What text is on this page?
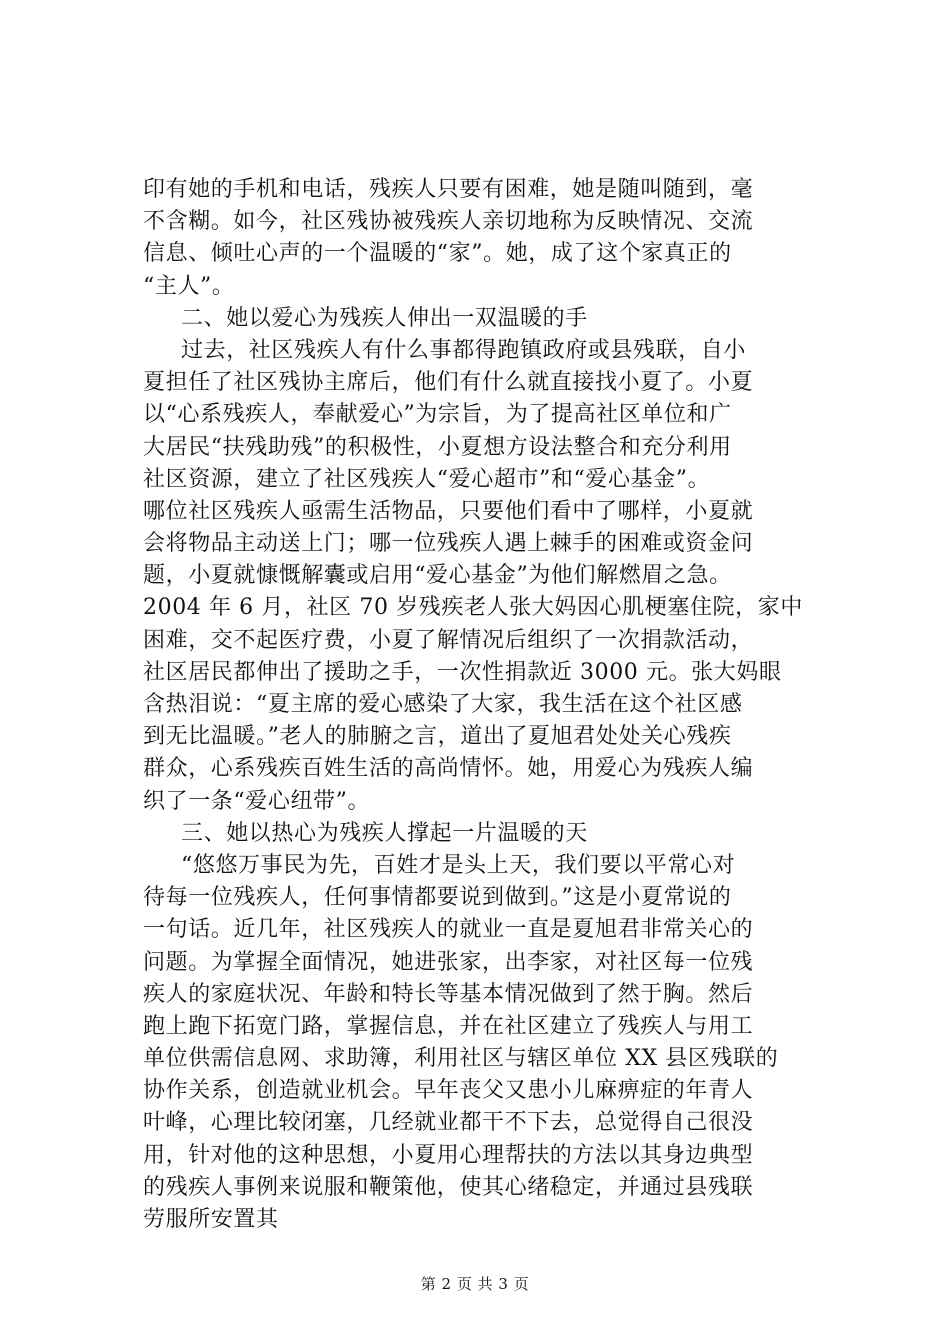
印有她的手机和电话，残疾人只要有困难，她是随叫随到，毫
不含糊。如今，社区残协被残疾人亲切地称为反映情况、交流
信息、倾吐心声的一个温暖的“家”。她，成了这个家真正的
“主人”。
二、她以爱心为残疾人伸出一双温暖的手
过去，社区残疾人有什么事都得跑镇政府或县残联，自小
夏担任了社区残协主席后，他们有什么就直接找小夏了。小夏
以“心系残疾人，奉献爱心”为宗旨，为了提高社区单位和广
大居民“扶残助残”的积极性，小夏想方设法整合和充分利用
社区资源，建立了社区残疾人“爱心超市”和“爱心基金”。
哪位社区残疾人亟需生活物品，只要他们看中了哪样，小夏就
会将物品主动送上门；哪一位残疾人遇上棘手的困难或资金问
题，小夏就慷慨解囊或启用“爱心基金”为他们解燃眉之急。
2004 年 6 月，社区 70 岁残疾老人张大妈因心肌梗塞住院，家中
困难，交不起医疗费，小夏了解情况后组织了一次捐款活动，
社区居民都伸出了援助之手，一次性捐款近 3000 元。张大妈眼
含热泪说：“夏主席的爱心感染了大家，我生活在这个社区感
到无比温暖。”老人的肺腑之言，道出了夏旭君处处关心残疾
群众，心系残疾百姓生活的高尚情怀。她，用爱心为残疾人编
织了一条“爱心纽带”。
三、她以热心为残疾人撑起一片温暖的天
“悠悠万事民为先，百姓才是头上天，我们要以平常心对
待每一位残疾人，任何事情都要说到做到。”这是小夏常说的
一句话。近几年，社区残疾人的就业一直是夏旭君非常关心的
问题。为掌握全面情况，她进张家，出李家，对社区每一位残
疾人的家庭状况、年龄和特长等基本情况做到了然于胸。然后
跑上跑下拓宽门路，掌握信息，并在社区建立了残疾人与用工
单位供需信息网、求助簿，利用社区与辖区单位 XX 县区残联的
协作关系，创造就业机会。早年丧父又患小儿麻痹症的年青人
叶峰，心理比较闭塞，几经就业都干不下去，总觉得自己很没
用，针对他的这种思想，小夏用心理帮扶的方法以其身边典型
的残疾人事例来说服和鞭策他，使其心绪稳定，并通过县残联
劳服所安置其
第 2 页 共 3 页
